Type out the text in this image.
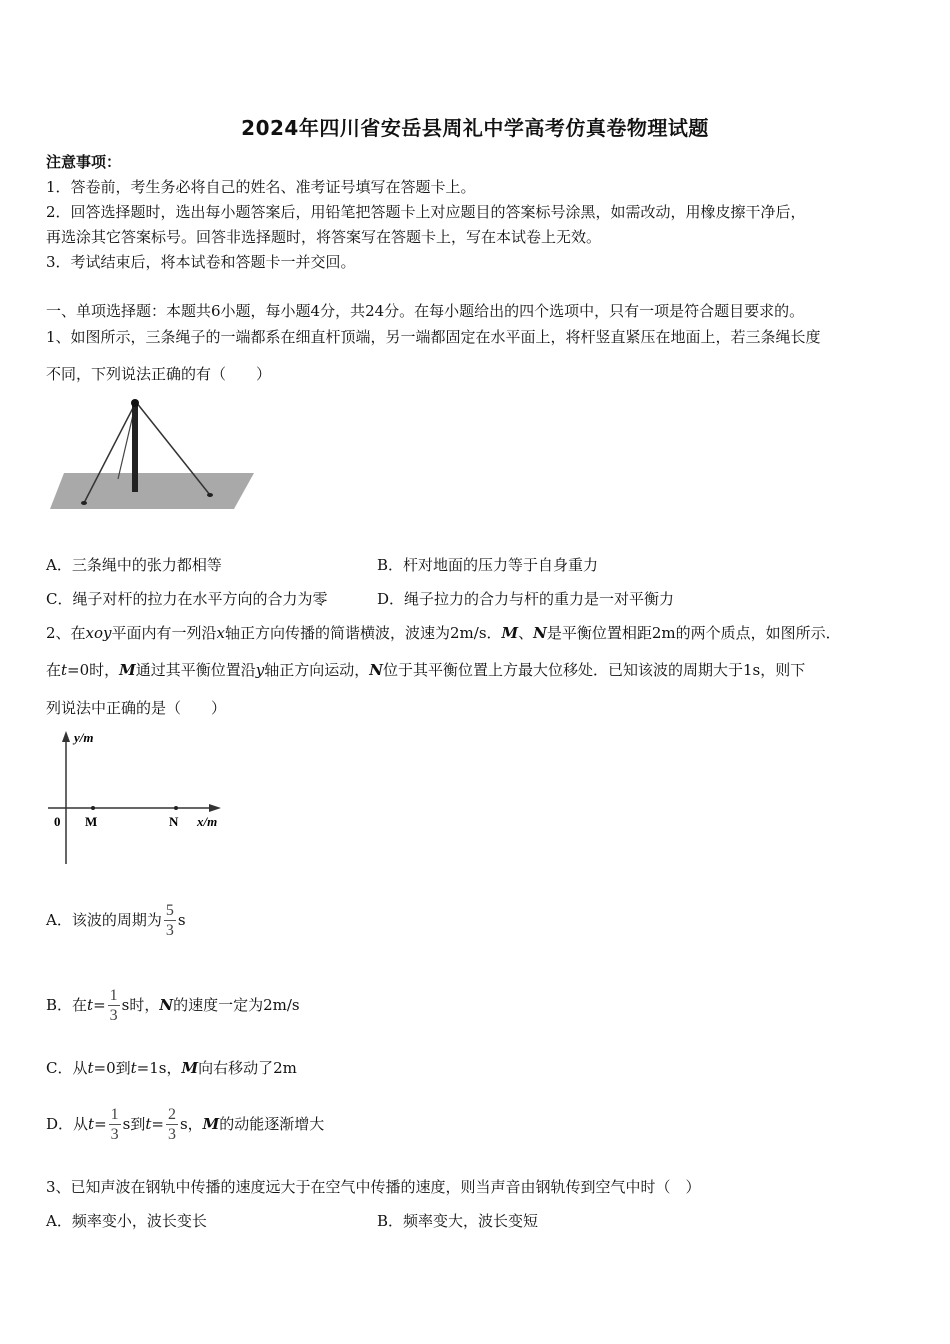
2024年四川省安岳县周礼中学高考仿真卷物理试题
注意事项：
1．答卷前，考生务必将自己的姓名、准考证号填写在答题卡上。
2．回答选择题时，选出每小题答案后，用铅笔把答题卡上对应题目的答案标号涂黑，如需改动，用橡皮擦干净后，
再选涂其它答案标号。回答非选择题时，将答案写在答题卡上，写在本试卷上无效。
3．考试结束后，将本试卷和答题卡一并交回。
一、单项选择题：本题共6小题，每小题4分，共24分。在每小题给出的四个选项中，只有一项是符合题目要求的。
1、如图所示，三条绳子的一端都系在细直杆顶端，另一端都固定在水平面上，将杆竖直紧压在地面上，若三条绳长度
不同，下列说法正确的有（　　）
A．三条绳中的张力都相等	B．杆对地面的压力等于自身重力
C．绳子对杆的拉力在水平方向的合力为零	D．绳子拉力的合力与杆的重力是一对平衡力
2、在xoy平面内有一列沿x轴正方向传播的简谐横波，波速为2m/s．M、N是平衡位置相距2m的两个质点，如图所示．
在t=0时，M通过其平衡位置沿y轴正方向运动，N位于其平衡位置上方最大位移处．已知该波的周期大于1s，则下
列说法中正确的是（　　）
y/m
x/m
0 M	N
A．该波的周期为 $\frac{5}{3}$ s
B．在 $t = \frac{1}{3}$ s时， N 的速度一定为2m/s
C．从t=0到t=1s，M向右移动了2m
D．从 $t = \frac{1}{3}$ s到 $t = \frac{2}{3}$ s， M 的动能逐渐增大
3、已知声波在钢轨中传播的速度远大于在空气中传播的速度，则当声音由钢轨传到空气中时（　）
A．频率变小，波长变长	B．频率变大，波长变短
